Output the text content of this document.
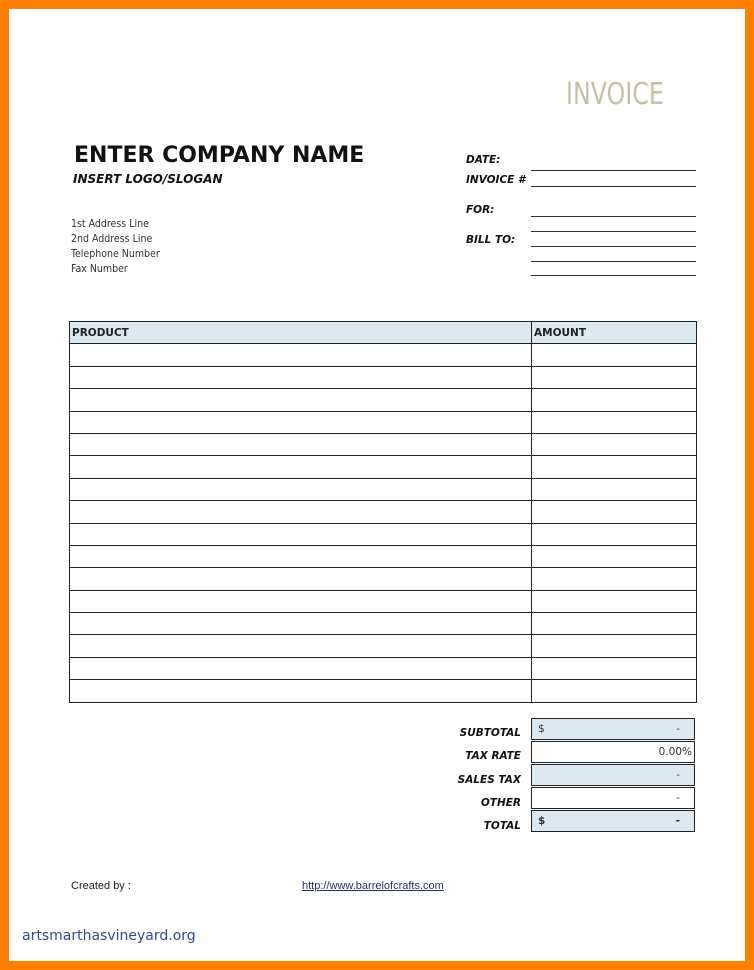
INVOICE
ENTER COMPANY NAME
INSERT LOGO/SLOGAN
1st Address Line
2nd Address Line
Telephone Number
Fax Number
DATE:
INVOICE #
FOR:
BILL TO:
PRODUCT	AMOUNT

SUBTOTAL $	-
TAX RATE	0.00%
SALES TAX	-
OTHER	-
TOTAL $	-
Created by :	http://www.barrelofcrafts.com
artsmarthasvineyard.org
